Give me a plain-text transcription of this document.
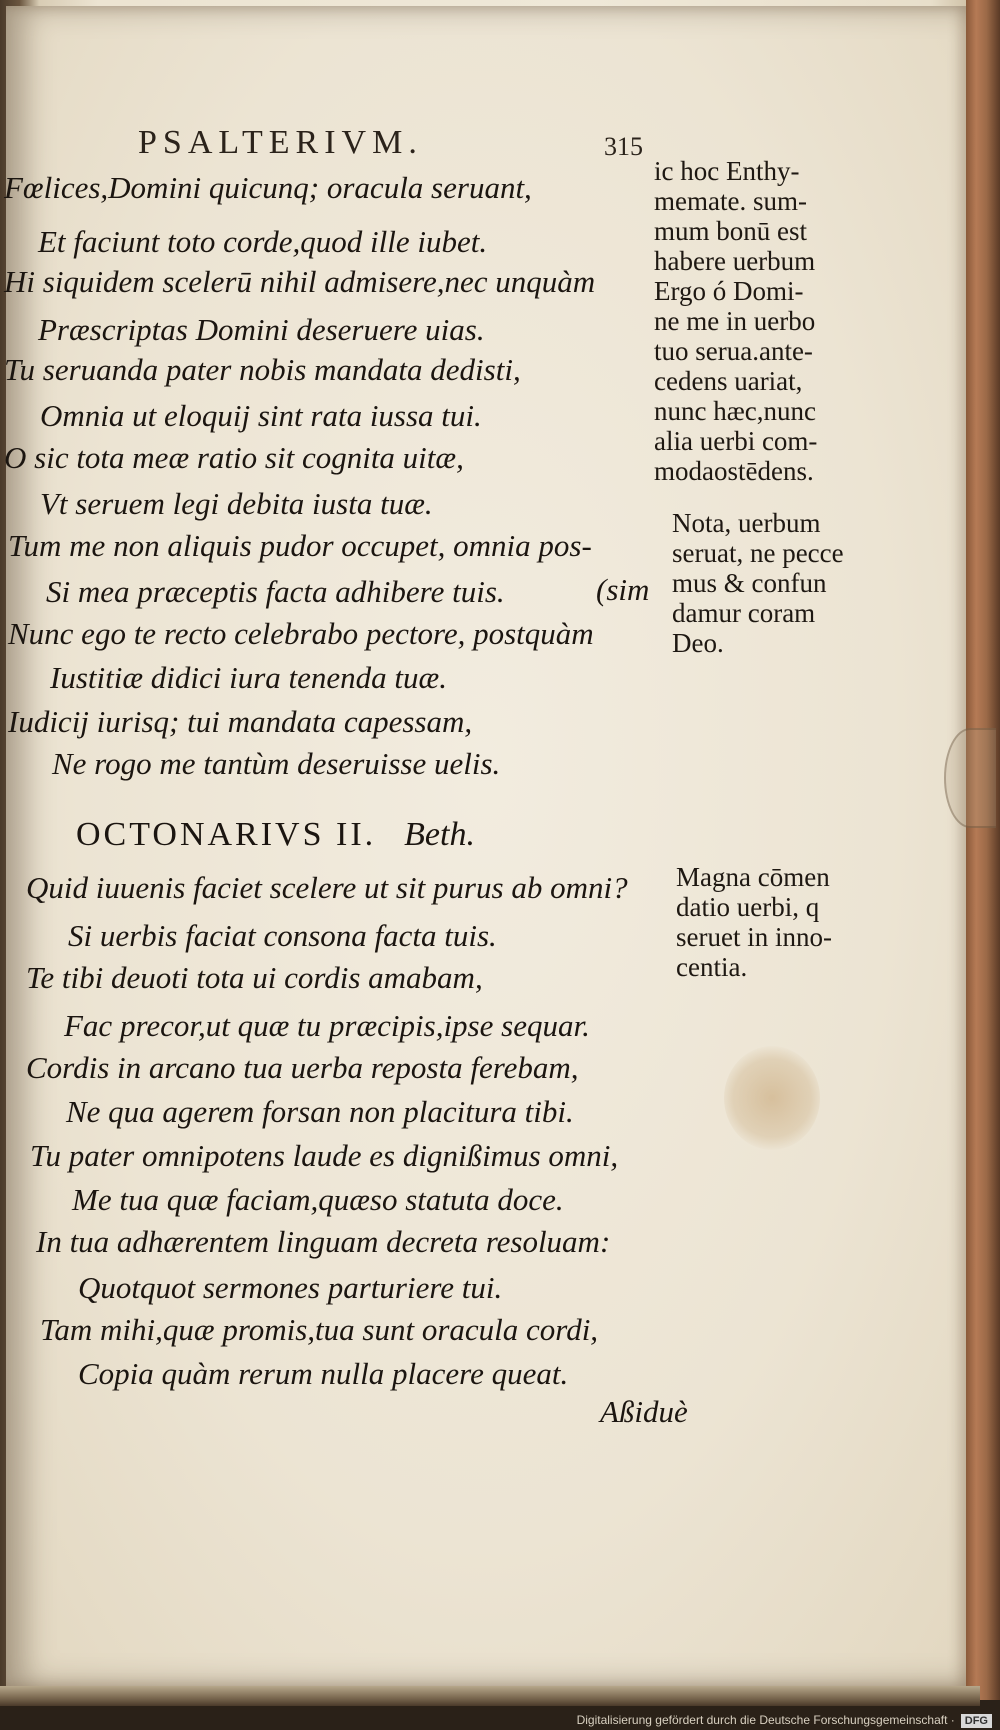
PSALTERIVM.	315
Fœlices,Domini quicunq; oracula seruant,
Et faciunt toto corde,quod ille iubet.
Hi siquidem scelerū nihil admisere,nec unquàm
Præscriptas Domini deseruere uias.
Tu seruanda pater nobis mandata dedisti,
Omnia ut eloquij sint rata iussa tui.
O sic tota meæ ratio sit cognita uitæ,
Vt seruem legi debita iusta tuæ.
Tum me non aliquis pudor occupet, omnia pos-
Si mea præceptis facta adhibere tuis.	(sim
Nunc ego te recto celebrabo pectore, postquàm
Iustitiæ didici iura tenenda tuæ.
Iudicij iurisq; tui mandata capessam,
Ne rogo me tantùm deseruisse uelis.
OCTONARIVS II. Beth.
Quid iuuenis faciet scelere ut sit purus ab omni?
Si uerbis faciat consona facta tuis.
Te tibi deuoti tota ui cordis amabam,
Fac precor,ut quæ tu præcipis,ipse sequar.
Cordis in arcano tua uerba reposta ferebam,
Ne qua agerem forsan non placitura tibi.
Tu pater omnipotens laude es dignißimus omni,
Me tua quæ faciam,quæso statuta doce.
In tua adhærentem linguam decreta resoluam:
Quotquot sermones parturiere tui.
Tam mihi,quæ promis,tua sunt oracula cordi,
Copia quàm rerum nulla placere queat.
Aßiduè
ic hoc Enthy-
memate. sum-
mum bonū est
habere uerbum
Ergo ó Domi-
ne me in uerbo
tuo serua.ante-
cedens uariat,
nunc hæc,nunc
alia uerbi com-
modaostēdens.
Nota, uerbum
seruat, ne pecce
mus & confun
damur coram
Deo.
Magna cōmen
datio uerbi, q
seruet in inno-
centia.
Digitalisierung gefördert durch die Deutsche Forschungsgemeinschaft · DFG
